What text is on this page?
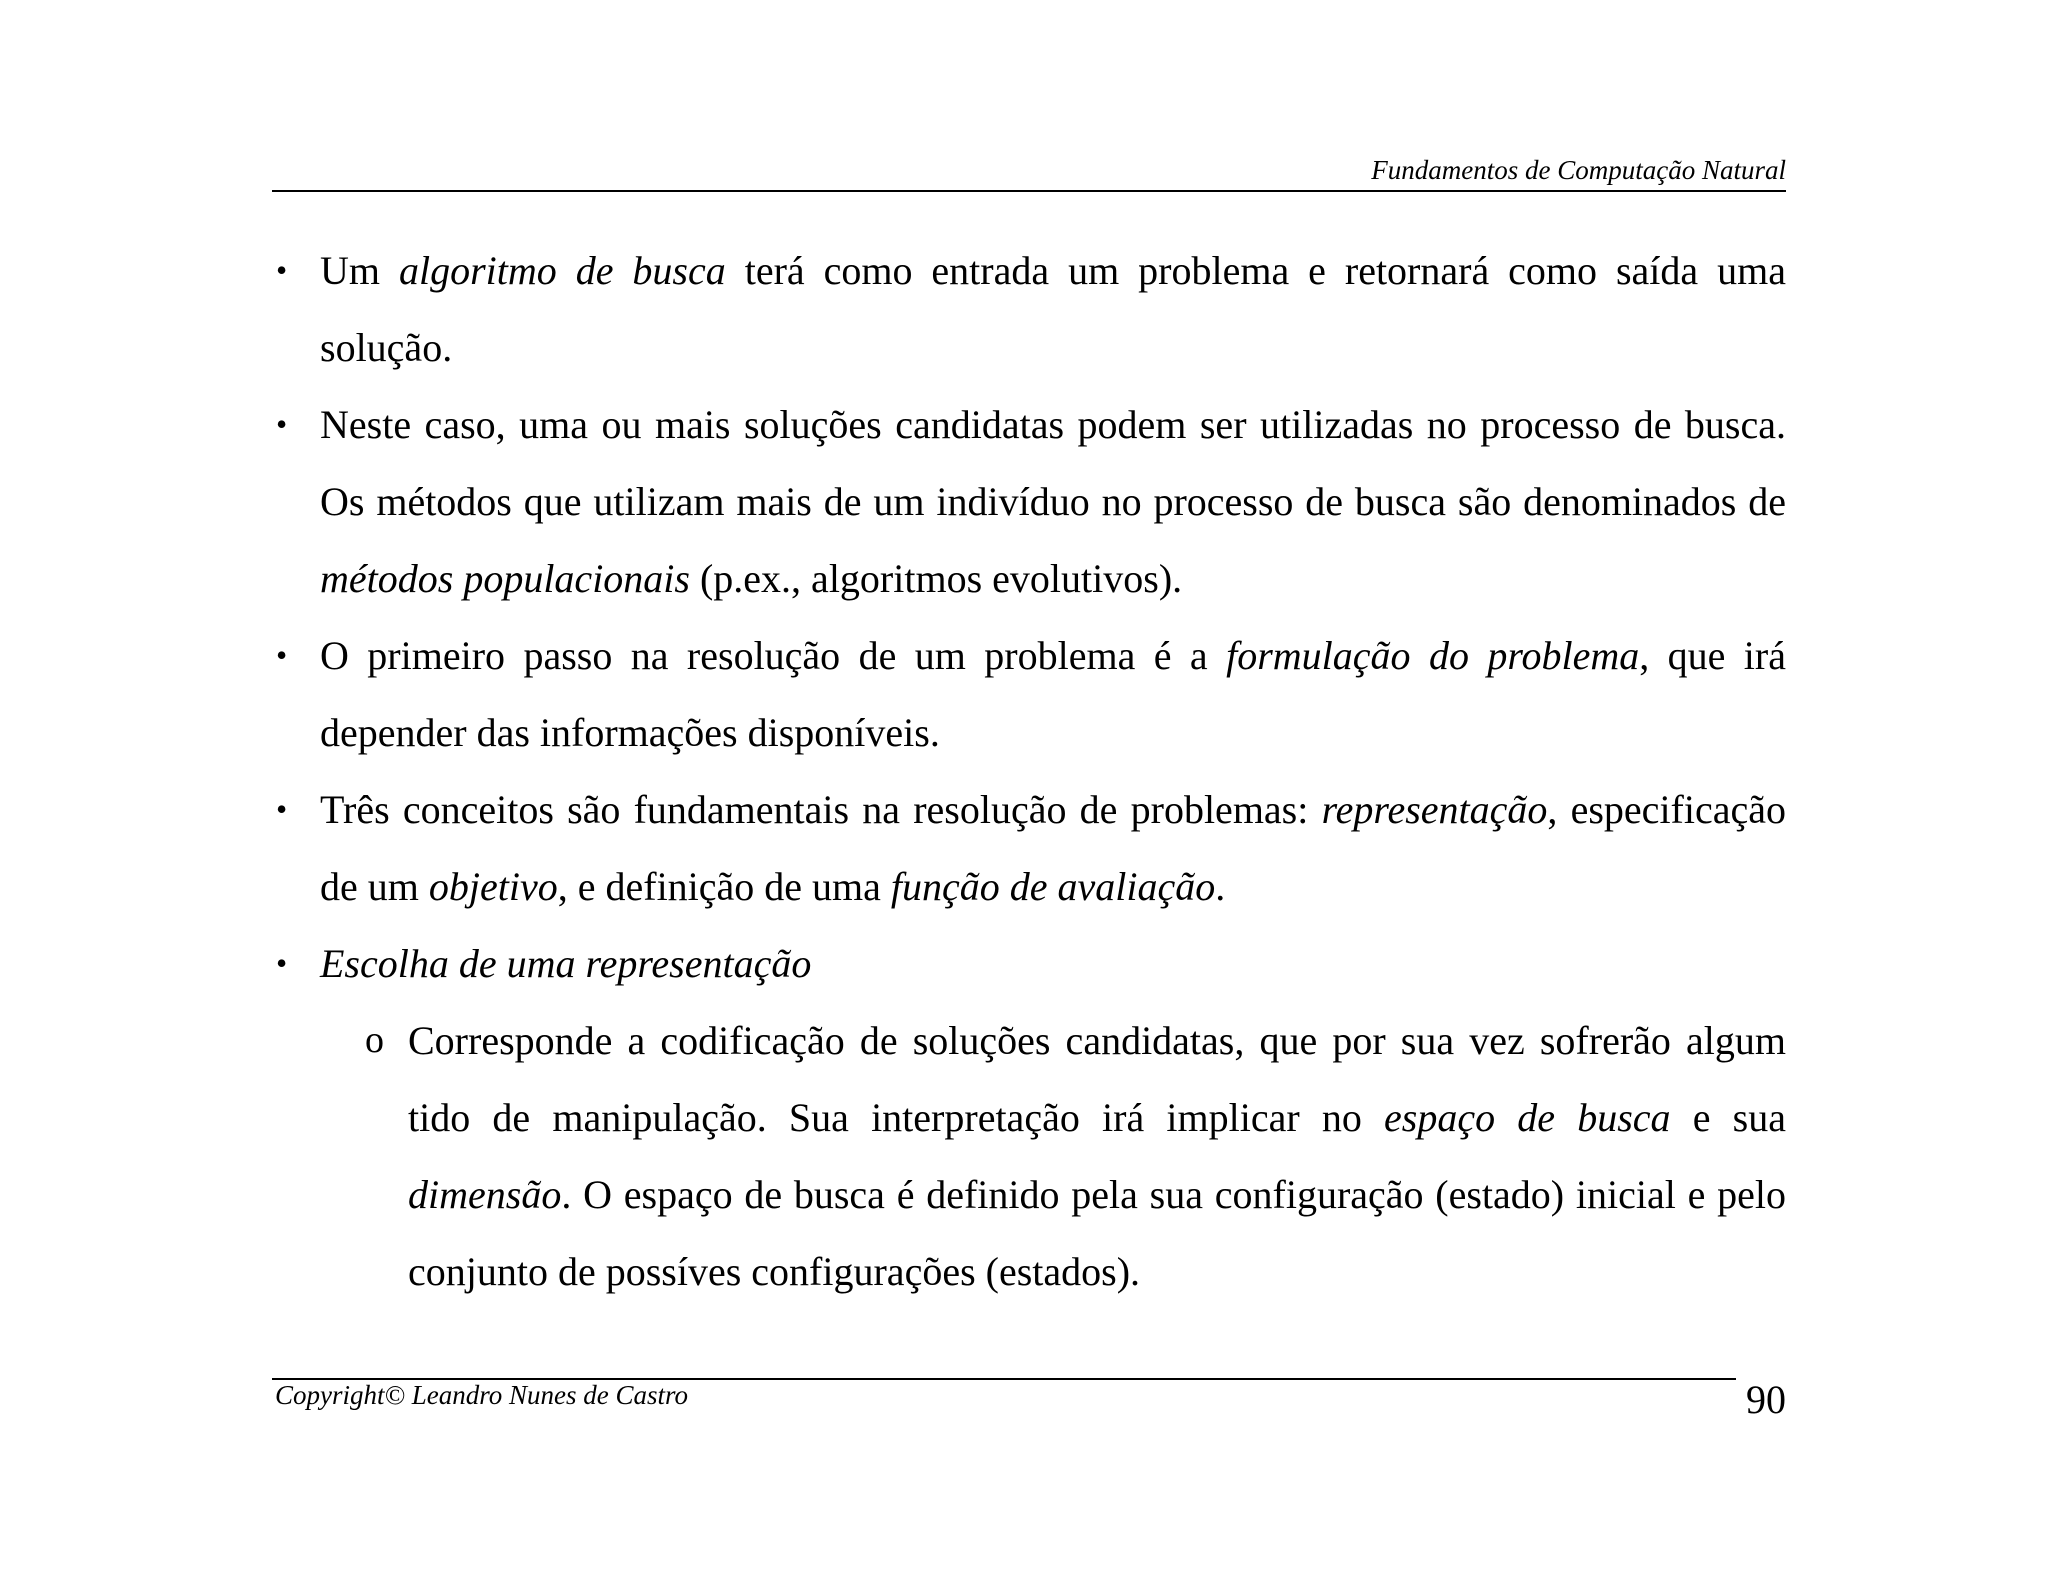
Fundamentos de Computação Natural

• Um algoritmo de busca terá como entrada um problema e retornará como saída uma solução.

• Neste caso, uma ou mais soluções candidatas podem ser utilizadas no processo de busca. Os métodos que utilizam mais de um indivíduo no processo de busca são denominados de métodos populacionais (p.ex., algoritmos evolutivos).

• O primeiro passo na resolução de um problema é a formulação do problema, que irá depender das informações disponíveis.

• Três conceitos são fundamentais na resolução de problemas: representação, especificação de um objetivo, e definição de uma função de avaliação.

• Escolha de uma representação

o Corresponde a codificação de soluções candidatas, que por sua vez sofrerão algum tido de manipulação. Sua interpretação irá implicar no espaço de busca e sua dimensão. O espaço de busca é definido pela sua configuração (estado) inicial e pelo conjunto de possíves configurações (estados).

Copyright© Leandro Nunes de Castro	90
